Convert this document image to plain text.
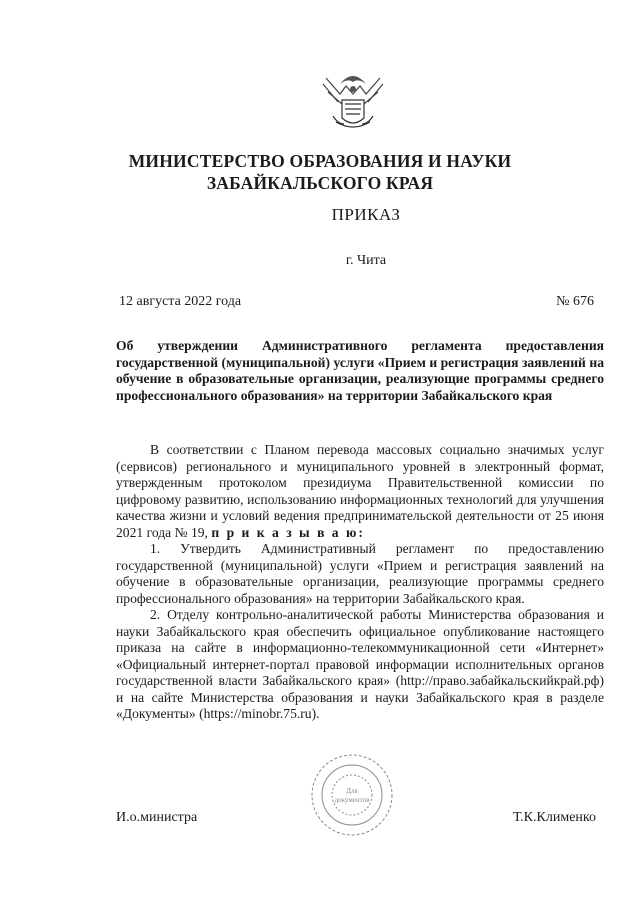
МИНИСТЕРСТВО ОБРАЗОВАНИЯ И НАУКИ
ЗАБАЙКАЛЬСКОГО КРАЯ
ПРИКАЗ
г. Чита
12 августа 2022 года	№ 676
Об утверждении Административного регламента предоставления государственной (муниципальной) услуги «Прием и регистрация заявлений на обучение в образовательные организации, реализующие программы среднего профессионального образования» на территории Забайкальского края

В соответствии с Планом перевода массовых социально значимых услуг (сервисов) регионального и муниципального уровней в электронный формат, утвержденным протоколом президиума Правительственной комиссии по цифровому развитию, использованию информационных технологий для улучшения качества жизни и условий ведения предпринимательской деятельности от 25 июня 2021 года № 19, п р и к а з ы в а ю:

1. Утвердить Административный регламент по предоставлению государственной (муниципальной) услуги «Прием и регистрация заявлений на обучение в образовательные организации, реализующие программы среднего профессионального образования» на территории Забайкальского края.

2. Отделу контрольно-аналитической работы Министерства образования и науки Забайкальского края обеспечить официальное опубликование настоящего приказа на сайте в информационно-телекоммуникационной сети «Интернет» «Официальный интернет-портал правовой информации исполнительных органов государственной власти Забайкальского края» (http://право.забайкальскийкрай.рф) и на сайте Министерства образования и науки Забайкальского края в разделе «Документы» (https://minobr.75.ru).

Для
документов
И.о.министра	Т.К.Клименко
